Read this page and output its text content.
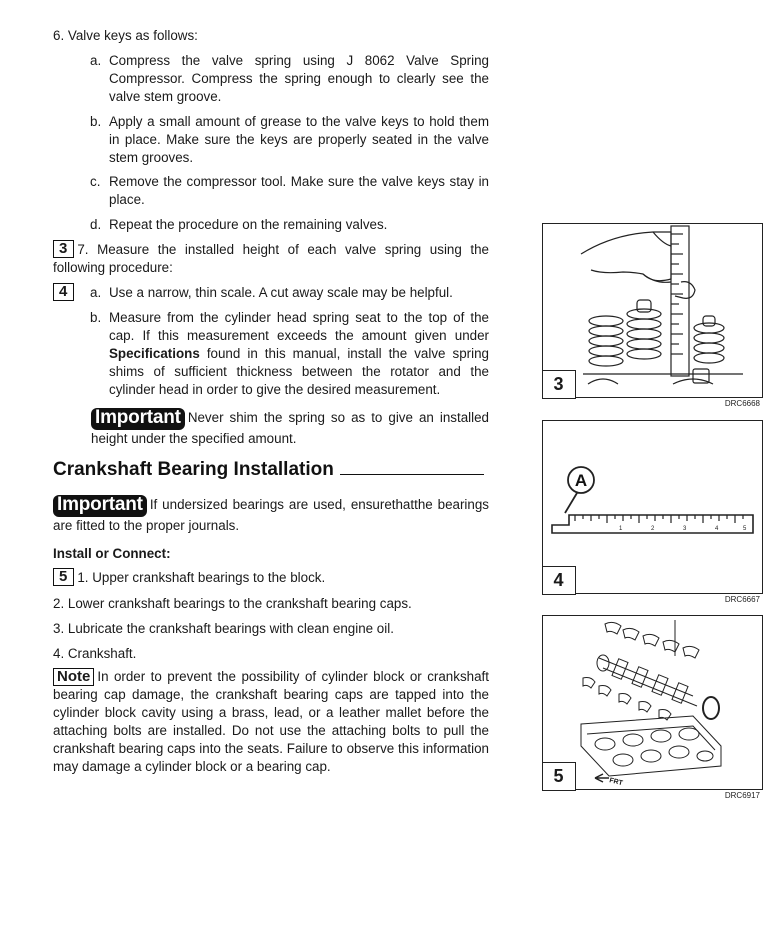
6. Valve keys as follows:
a. Compress the valve spring using J 8062 Valve Spring Compressor. Compress the spring enough to clearly see the valve stem groove.
b. Apply a small amount of grease to the valve keys to hold them in place. Make sure the keys are properly seated in the valve stem grooves.
c. Remove the compressor tool. Make sure the valve keys stay in place.
d. Repeat the procedure on the remaining valves.
3 7. Measure the installed height of each valve spring using the following procedure:
4 a. Use a narrow, thin scale. A cut away scale may be helpful.
b. Measure from the cylinder head spring seat to the top of the cap. If this measurement exceeds the amount given under Specifications found in this manual, install the valve spring shims of sufficient thickness between the rotator and the cylinder head in order to give the desired measurement.
Important Never shim the spring so as to give an installed height under the specified amount.
Crankshaft Bearing Installation
Important If undersized bearings are used, ensurethatthe bearings are fitted to the proper journals.
Install or Connect:
5 1. Upper crankshaft bearings to the block.
2. Lower crankshaft bearings to the crankshaft bearing caps.
3. Lubricate the crankshaft bearings with clean engine oil.
4. Crankshaft.
Note In order to prevent the possibility of cylinder block or crankshaft bearing cap damage, the crankshaft bearing caps are tapped into the cylinder block cavity using a brass, lead, or a leather mallet before the attaching bolts are installed. Do not use the attaching bolts to pull the crankshaft bearing caps into the seats. Failure to observe this information may damage a cylinder block or a bearing cap.
3
DRC6668
A
1	2	3	4	5
4
DRC6667
FRT
5
DRC6917
